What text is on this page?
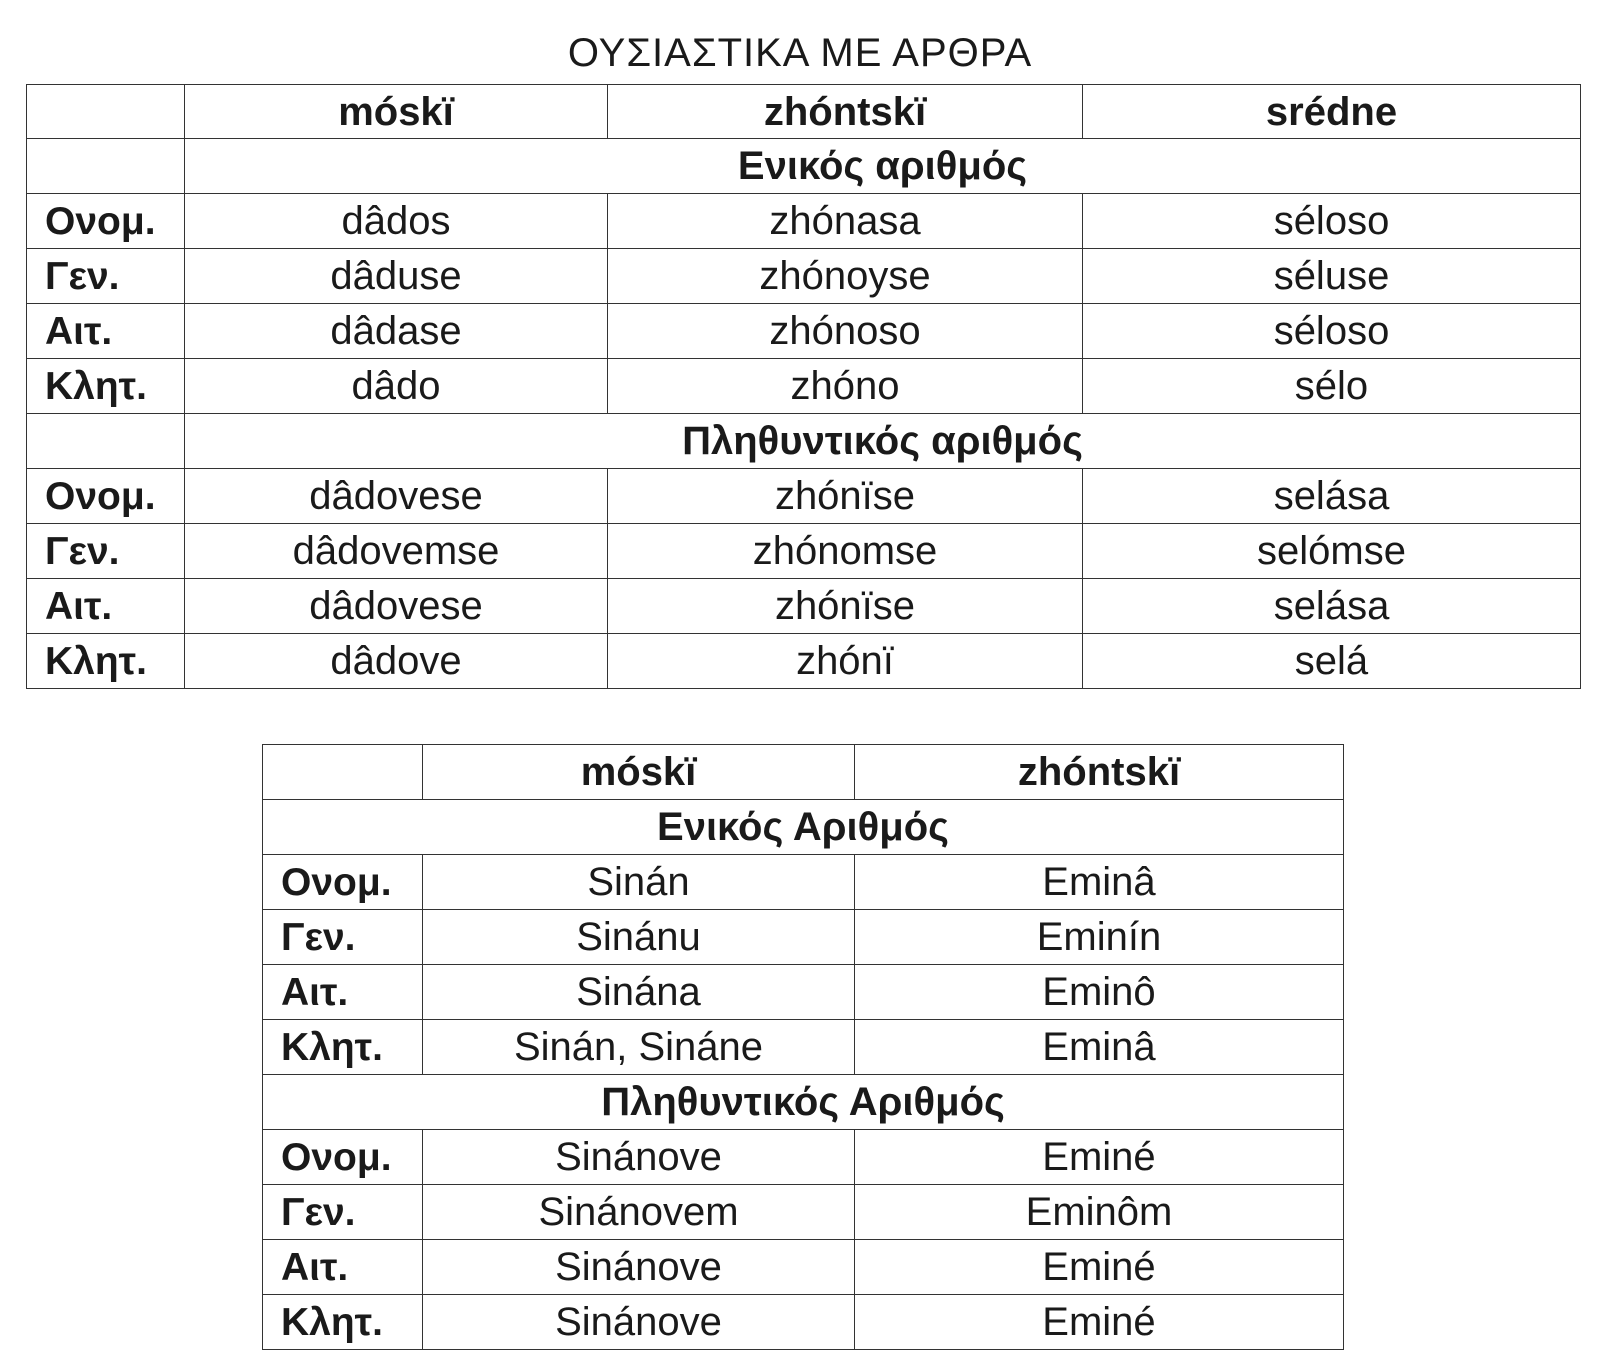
ΟΥΣΙΑΣΤΙΚΑ ΜΕ ΑΡΘΡΑ
	móskï	zhóntskï	srédne
	Ενικός αριθμός		
Ονομ.	dâdos	zhónasa	séloso
Γεν.	dâduse	zhónoyse	séluse
Αιτ.	dâdase	zhónoso	séloso
Κλητ.	dâdo	zhóno	sélo
	Πληθυντικός αριθμός		
Ονομ.	dâdovese	zhónïse	selása
Γεν.	dâdovemse	zhónomse	selómse
Αιτ.	dâdovese	zhónïse	selása
Κλητ.	dâdove	zhónï	selá
	móskï	zhóntskï
Ενικός Αριθμός		
Ονομ.	Sinán	Eminâ
Γεν.	Sinánu	Eminín
Αιτ.	Sinána	Eminô
Κλητ.	Sinán, Sináne	Eminâ
Πληθυντικός Αριθμός		
Ονομ.	Sinánove	Eminé
Γεν.	Sinánovem	Eminôm
Αιτ.	Sinánove	Eminé
Κλητ.	Sinánove	Eminé
